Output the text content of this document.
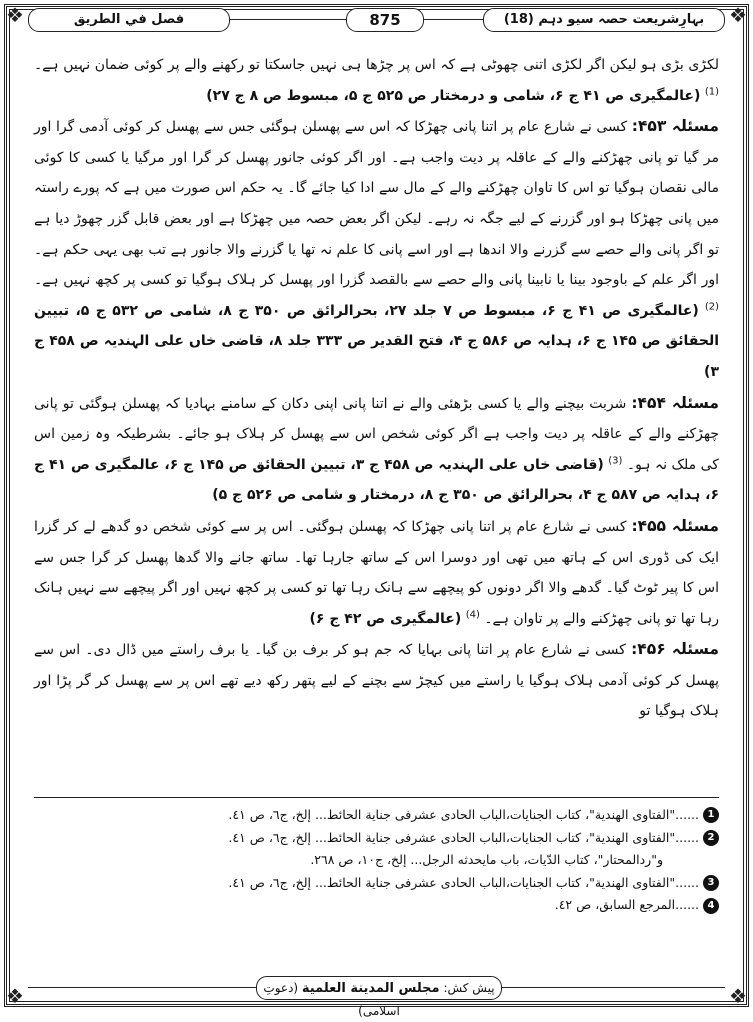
❖	❖
❖	❖
فصل في الطريق	875	بہارِشریعت حصہ سیو دہم (18)

لکڑی بڑی ہو لیکن اگر لکڑی اتنی چھوٹی ہے کہ اس پر چڑھا ہی نہیں جاسکتا تو رکھنے والے پر کوئی ضمان نہیں ہے۔ $^{(1)}$ (عالمگیری ص ۴۱ ج ۶، شامی و درمختار ص ۵۲۵ ج ۵، مبسوط ص ۸ ج ۲۷)

مسئلہ ۴۵۳: کسی نے شارع عام پر اتنا پانی چھڑکا کہ اس سے پھسلن ہوگئی جس سے پھسل کر کوئی آدمی گرا اور مر گیا تو پانی چھڑکنے والے کے عاقلہ پر دیت واجب ہے۔ اور اگر کوئی جانور پھسل کر گرا اور مرگیا یا کسی کا کوئی مالی نقصان ہوگیا تو اس کا تاوان چھڑکنے والے کے مال سے ادا کیا جائے گا۔ یہ حکم اس صورت میں ہے کہ پورے راستہ میں پانی چھڑکا ہو اور گزرنے کے لیے جگہ نہ رہے۔ لیکن اگر بعض حصہ میں چھڑکا ہے اور بعض قابل گزر چھوڑ دیا ہے تو اگر پانی والے حصے سے گزرنے والا اندھا ہے اور اسے پانی کا علم نہ تھا یا گزرنے والا جانور ہے تب بھی یہی حکم ہے۔ اور اگر علم کے باوجود بینا یا نابینا پانی والے حصے سے بالقصد گزرا اور پھسل کر ہلاک ہوگیا تو کسی پر کچھ نہیں ہے۔ $^{(2)}$ (عالمگیری ص ۴۱ ج ۶، مبسوط ص ۷ جلد ۲۷، بحرالرائق ص ۳۵۰ ج ۸، شامی ص ۵۳۲ ج ۵، تبیین الحقائق ص ۱۴۵ ج ۶، ہدایہ ص ۵۸۶ ج ۴، فتح القدیر ص ۳۳۳ جلد ۸، قاضی خاں علی الہندیہ ص ۴۵۸ ج ۳)

مسئلہ ۴۵۴: شربت بیچنے والے یا کسی بڑھئی والے نے اتنا پانی اپنی دکان کے سامنے بہادیا کہ پھسلن ہوگئی تو پانی چھڑکنے والے کے عاقلہ پر دیت واجب ہے اگر کوئی شخص اس سے پھسل کر ہلاک ہو جائے۔ بشرطیکہ وہ زمین اس کی ملک نہ ہو۔ $^{(3)}$ (قاضی خاں علی الہندیہ ص ۴۵۸ ج ۳، تبیین الحقائق ص ۱۴۵ ج ۶، عالمگیری ص ۴۱ ج ۶، ہدایہ ص ۵۸۷ ج ۴، بحرالرائق ص ۳۵۰ ج ۸، درمختار و شامی ص ۵۲۶ ج ۵)

مسئلہ ۴۵۵: کسی نے شارع عام پر اتنا پانی چھڑکا کہ پھسلن ہوگئی۔ اس پر سے کوئی شخص دو گدھے لے کر گزرا ایک کی ڈوری اس کے ہاتھ میں تھی اور دوسرا اس کے ساتھ جارہا تھا۔ ساتھ جانے والا گدھا پھسل کر گرا جس سے اس کا پیر ٹوٹ گیا۔ گدھے والا اگر دونوں کو پیچھے سے ہانک رہا تھا تو کسی پر کچھ نہیں اور اگر پیچھے سے نہیں ہانک رہا تھا تو پانی چھڑکنے والے پر تاوان ہے۔ $^{(4)}$ (عالمگیری ص ۴۲ ج ۶)

مسئلہ ۴۵۶: کسی نے شارع عام پر اتنا پانی بہایا کہ جم ہو کر برف بن گیا۔ یا برف راستے میں ڈال دی۔ اس سے پھسل کر کوئی آدمی ہلاک ہوگیا یا راستے میں کیچڑ سے بچنے کے لیے پتھر رکھ دیے تھے اس پر سے پھسل کر گر پڑا اور ہلاک ہوگیا تو

1
......"الفتاوى الهندية"، كتاب الجنايات،الباب الحادى عشرفى جناية الحائط... إلخ، ج٦، ص ٤١.
2
......"الفتاوى الهندية"، كتاب الجنايات،الباب الحادى عشرفى جناية الحائط... إلخ، ج٦، ص ٤١.
و"ردالمحتار"، كتاب الدّيات، باب مايحدثه الرجل... إلخ، ج١٠، ص ٢٦٨.
3
......"الفتاوى الهندية"، كتاب الجنايات،الباب الحادى عشرفى جناية الحائط... إلخ، ج٦، ص ٤١.
4
......المرجع السابق، ص ٤٢.
پیش کش: مجلس المدينة العلمية (دعوتِ اسلامی)
